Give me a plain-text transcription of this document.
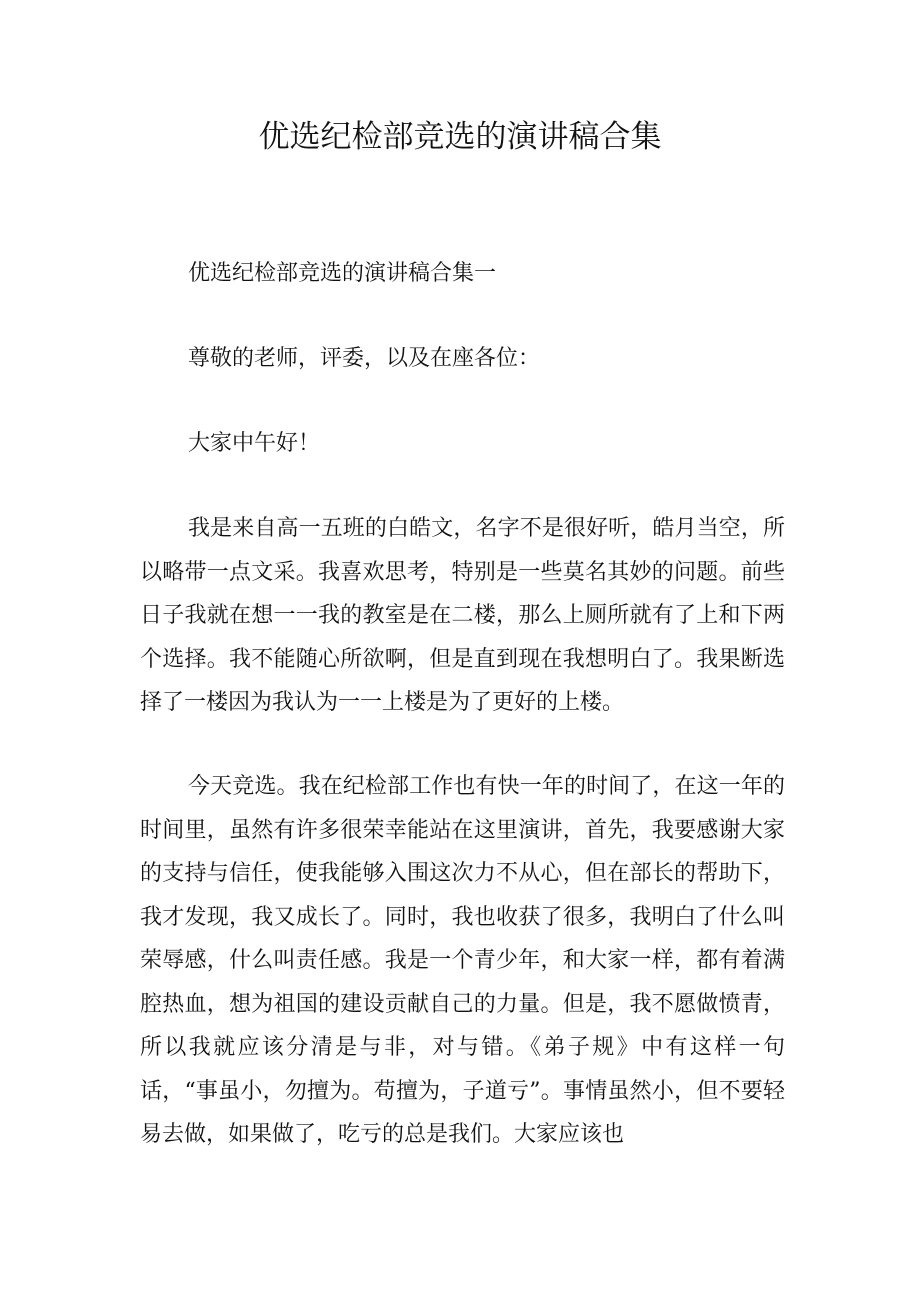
优选纪检部竞选的演讲稿合集

优选纪检部竞选的演讲稿合集一

尊敬的老师，评委，以及在座各位：

大家中午好！

我是来自高一五班的白皓文，名字不是很好听，皓月当空，所以略带一点文采。我喜欢思考，特别是一些莫名其妙的问题。前些日子我就在想一一我的教室是在二楼，那么上厕所就有了上和下两个选择。我不能随心所欲啊，但是直到现在我想明白了。我果断选择了一楼因为我认为一一上楼是为了更好的上楼。

今天竞选。我在纪检部工作也有快一年的时间了，在这一年的时间里，虽然有许多很荣幸能站在这里演讲，首先，我要感谢大家的支持与信任，使我能够入围这次力不从心，但在部长的帮助下，我才发现，我又成长了。同时，我也收获了很多，我明白了什么叫荣辱感，什么叫责任感。我是一个青少年，和大家一样，都有着满腔热血，想为祖国的建设贡献自己的力量。但是，我不愿做愤青，所以我就应该分清是与非，对与错。《弟子规》中有这样一句话，“事虽小，勿擅为。苟擅为，子道亏”。事情虽然小，但不要轻易去做，如果做了，吃亏的总是我们。大家应该也
